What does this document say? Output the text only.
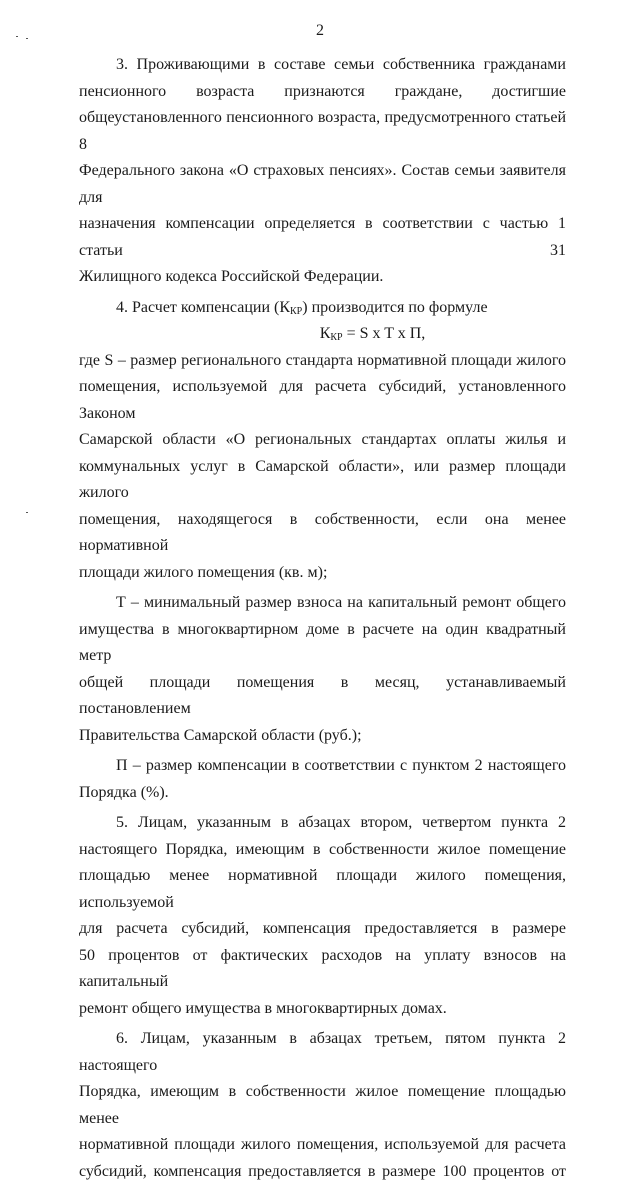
2

3. Проживающими в составе семьи собственника гражданами

пенсионного возраста признаются граждане, достигшие

общеустановленного пенсионного возраста, предусмотренного статьей 8

Федерального закона «О страховых пенсиях». Состав семьи заявителя для

назначения компенсации определяется в соответствии с частью 1 статьи 31

Жилищного кодекса Российской Федерации.

4. Расчет компенсации $(К_{КР})$ производится по формуле

$К_{КР} = S$ x T x П,

где S – размер регионального стандарта нормативной площади жилого

помещения, используемой для расчета субсидий, установленного Законом

Самарской области «О региональных стандартах оплаты жилья и

коммунальных услуг в Самарской области», или размер площади жилого

помещения, находящегося в собственности, если она менее нормативной

площади жилого помещения (кв. м);

Т – минимальный размер взноса на капитальный ремонт общего

имущества в многоквартирном доме в расчете на один квадратный метр

общей площади помещения в месяц, устанавливаемый постановлением

Правительства Самарской области (руб.);

П – размер компенсации в соответствии с пунктом 2 настоящего

Порядка (%).

5. Лицам, указанным в абзацах втором, четвертом пункта 2

настоящего Порядка, имеющим в собственности жилое помещение

площадью менее нормативной площади жилого помещения, используемой

для расчета субсидий, компенсация предоставляется в размере

50 процентов от фактических расходов на уплату взносов на капитальный

ремонт общего имущества в многоквартирных домах.

6. Лицам, указанным в абзацах третьем, пятом пункта 2 настоящего

Порядка, имеющим в собственности жилое помещение площадью менее

нормативной площади жилого помещения, используемой для расчета

субсидий, компенсация предоставляется в размере 100 процентов от
